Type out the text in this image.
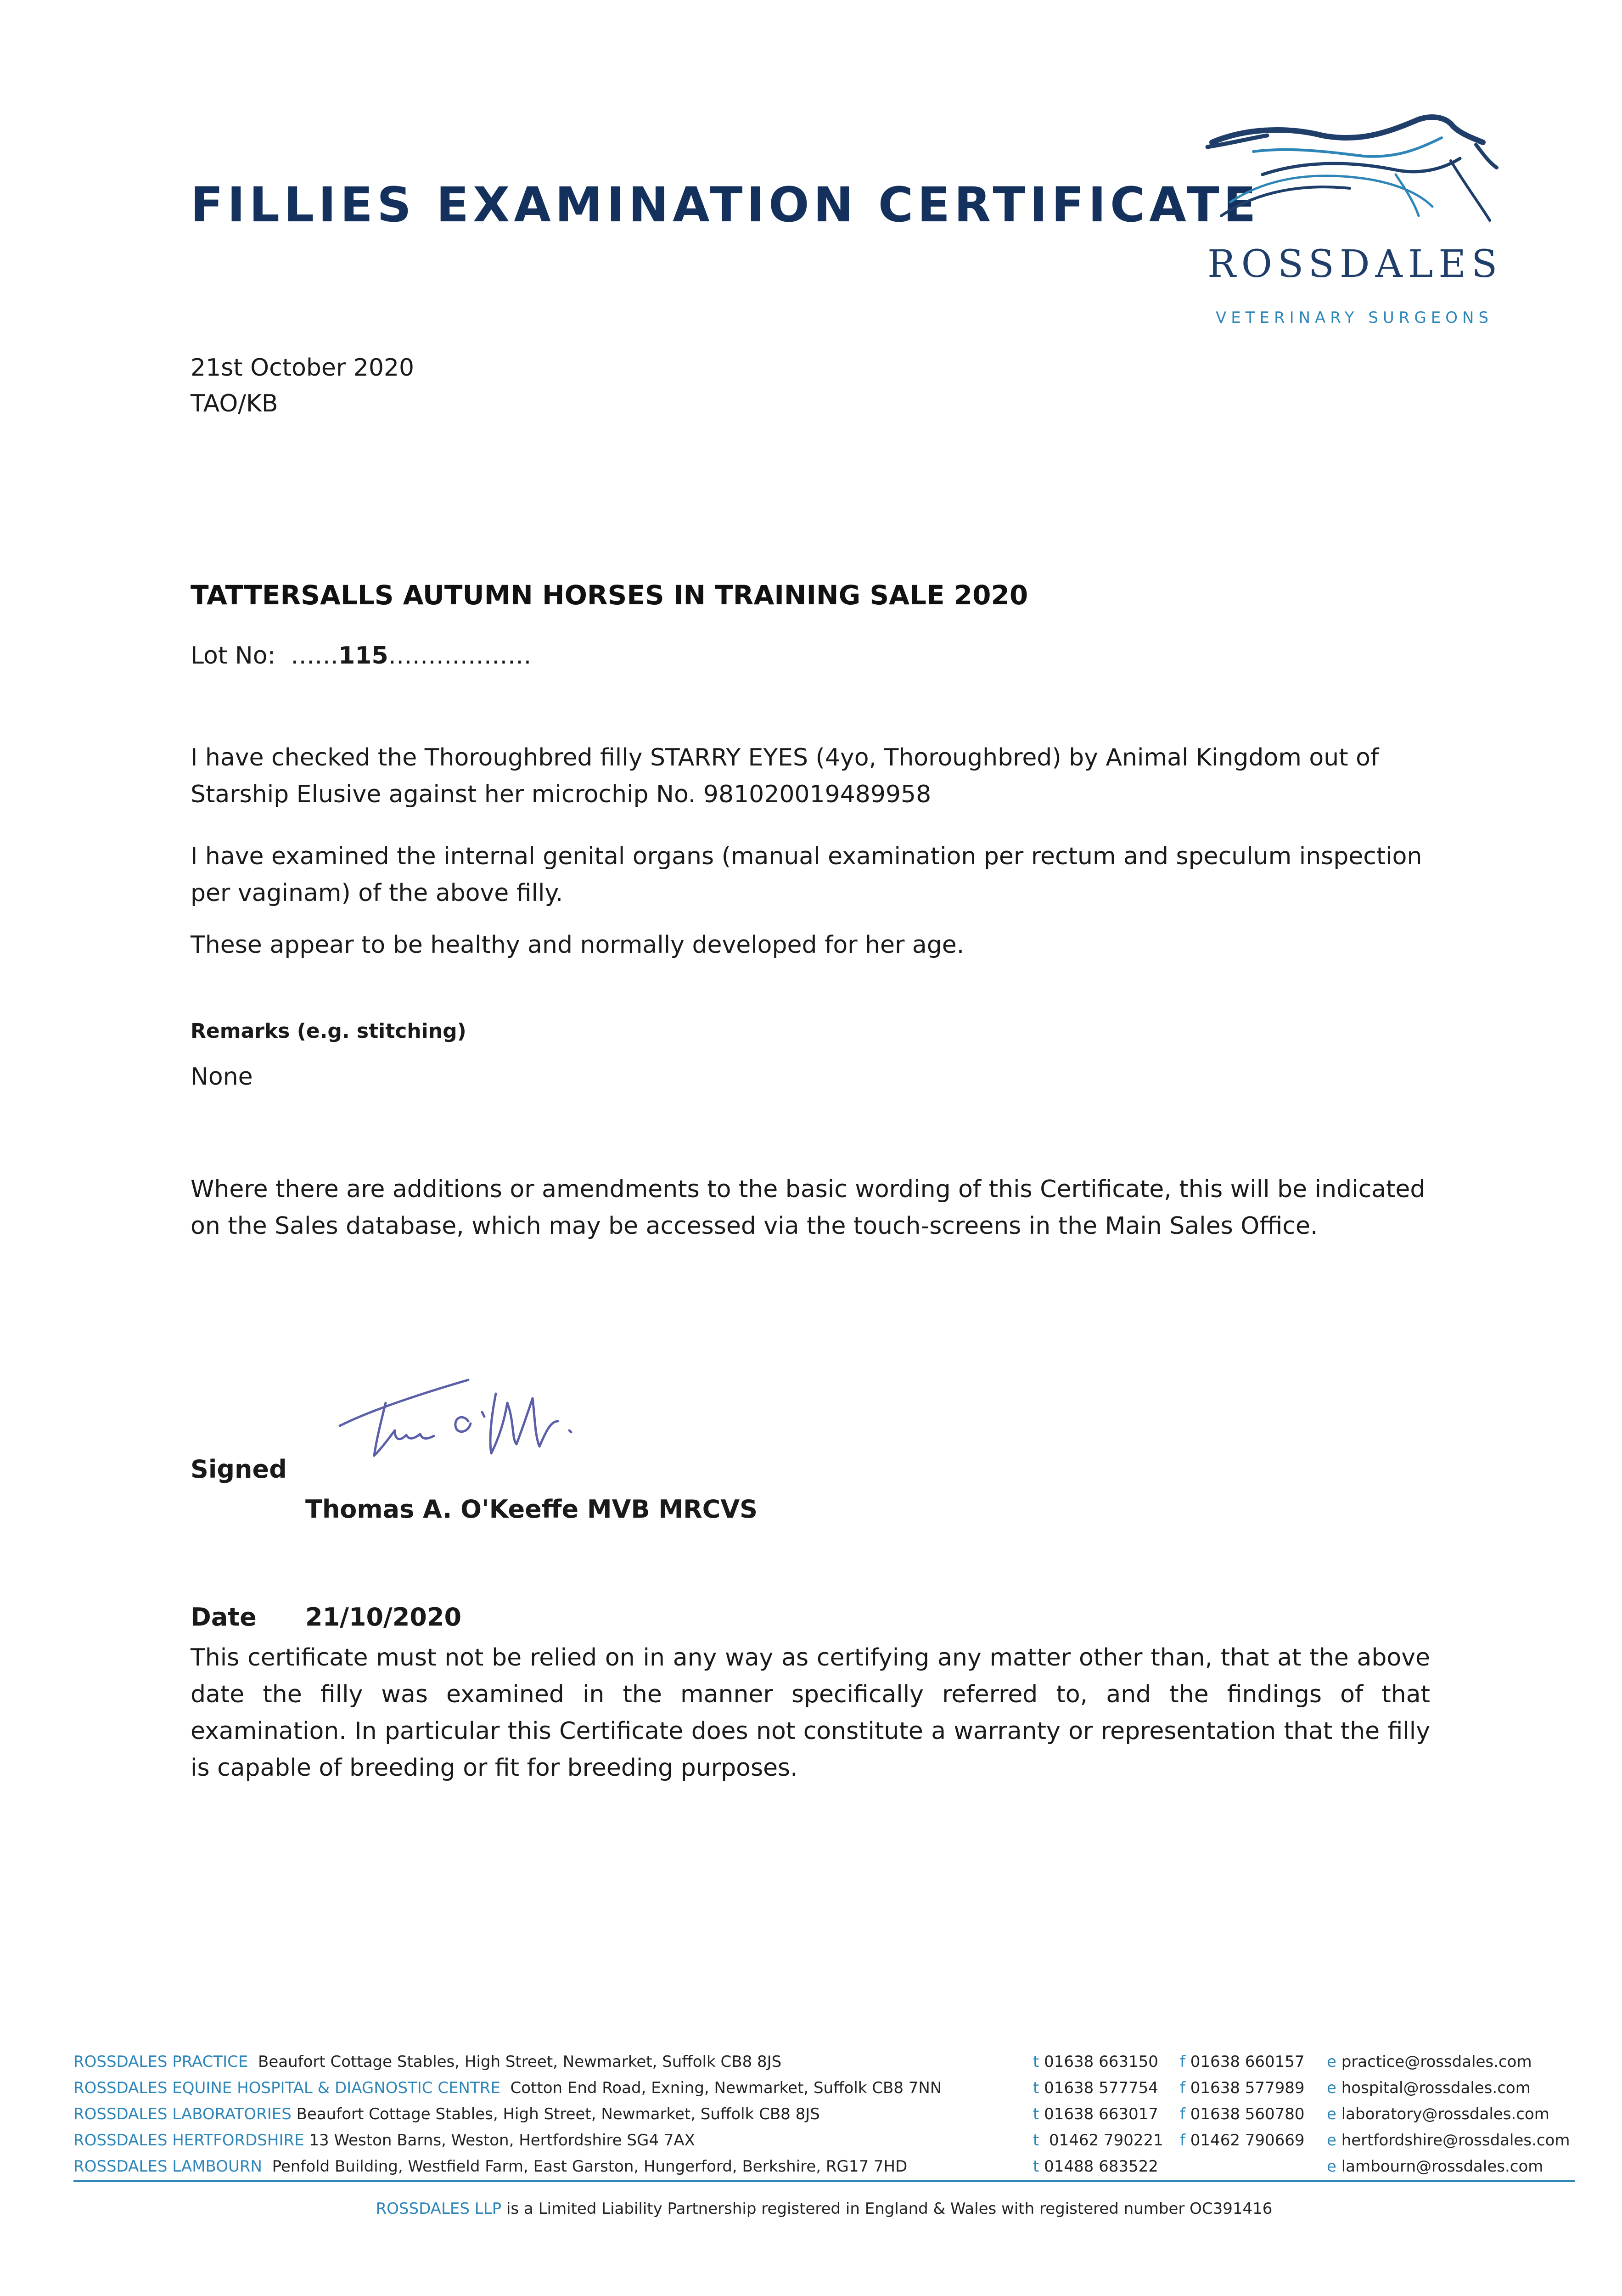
FILLIES EXAMINATION CERTIFICATE
ROSSDALES
VETERINARY SURGEONS
21st October 2020
TAO/KB
TATTERSALLS AUTUMN HORSES IN TRAINING SALE 2020
Lot No: ……115………………
I have checked the Thoroughbred filly STARRY EYES (4yo, Thoroughbred) by Animal Kingdom out of Starship Elusive against her microchip No. 981020019489958
I have examined the internal genital organs (manual examination per rectum and speculum inspection per vaginam) of the above filly.
These appear to be healthy and normally developed for her age.
Remarks (e.g. stitching)
None
Where there are additions or amendments to the basic wording of this Certificate, this will be indicated on the Sales database, which may be accessed via the touch-screens in the Main Sales Office.
Signed
Thomas A. O'Keeffe MVB MRCVS
Date 21/10/2020
This certificate must not be relied on in any way as certifying any matter other than, that at the above date the filly was examined in the manner specifically referred to, and the findings of that examination. In particular this Certificate does not constitute a warranty or representation that the filly is capable of breeding or fit for breeding purposes.
ROSSDALES PRACTICE Beaufort Cottage Stables, High Street, Newmarket, Suffolk CB8 8JS	t 01638 663150 f 01638 660157 e practice@rossdales.com
ROSSDALES EQUINE HOSPITAL & DIAGNOSTIC CENTRE Cotton End Road, Exning, Newmarket, Suffolk CB8 7NN	t 01638 577754 f 01638 577989 e hospital@rossdales.com
ROSSDALES LABORATORIES Beaufort Cottage Stables, High Street, Newmarket, Suffolk CB8 8JS	t 01638 663017 f 01638 560780 e laboratory@rossdales.com
ROSSDALES HERTFORDSHIRE 13 Weston Barns, Weston, Hertfordshire SG4 7AX	t 01462 790221 f 01462 790669 e hertfordshire@rossdales.com
ROSSDALES LAMBOURN Penfold Building, Westfield Farm, East Garston, Hungerford, Berkshire, RG17 7HD	t 01488 683522	e lambourn@rossdales.com
ROSSDALES LLP is a Limited Liability Partnership registered in England & Wales with registered number OC391416
